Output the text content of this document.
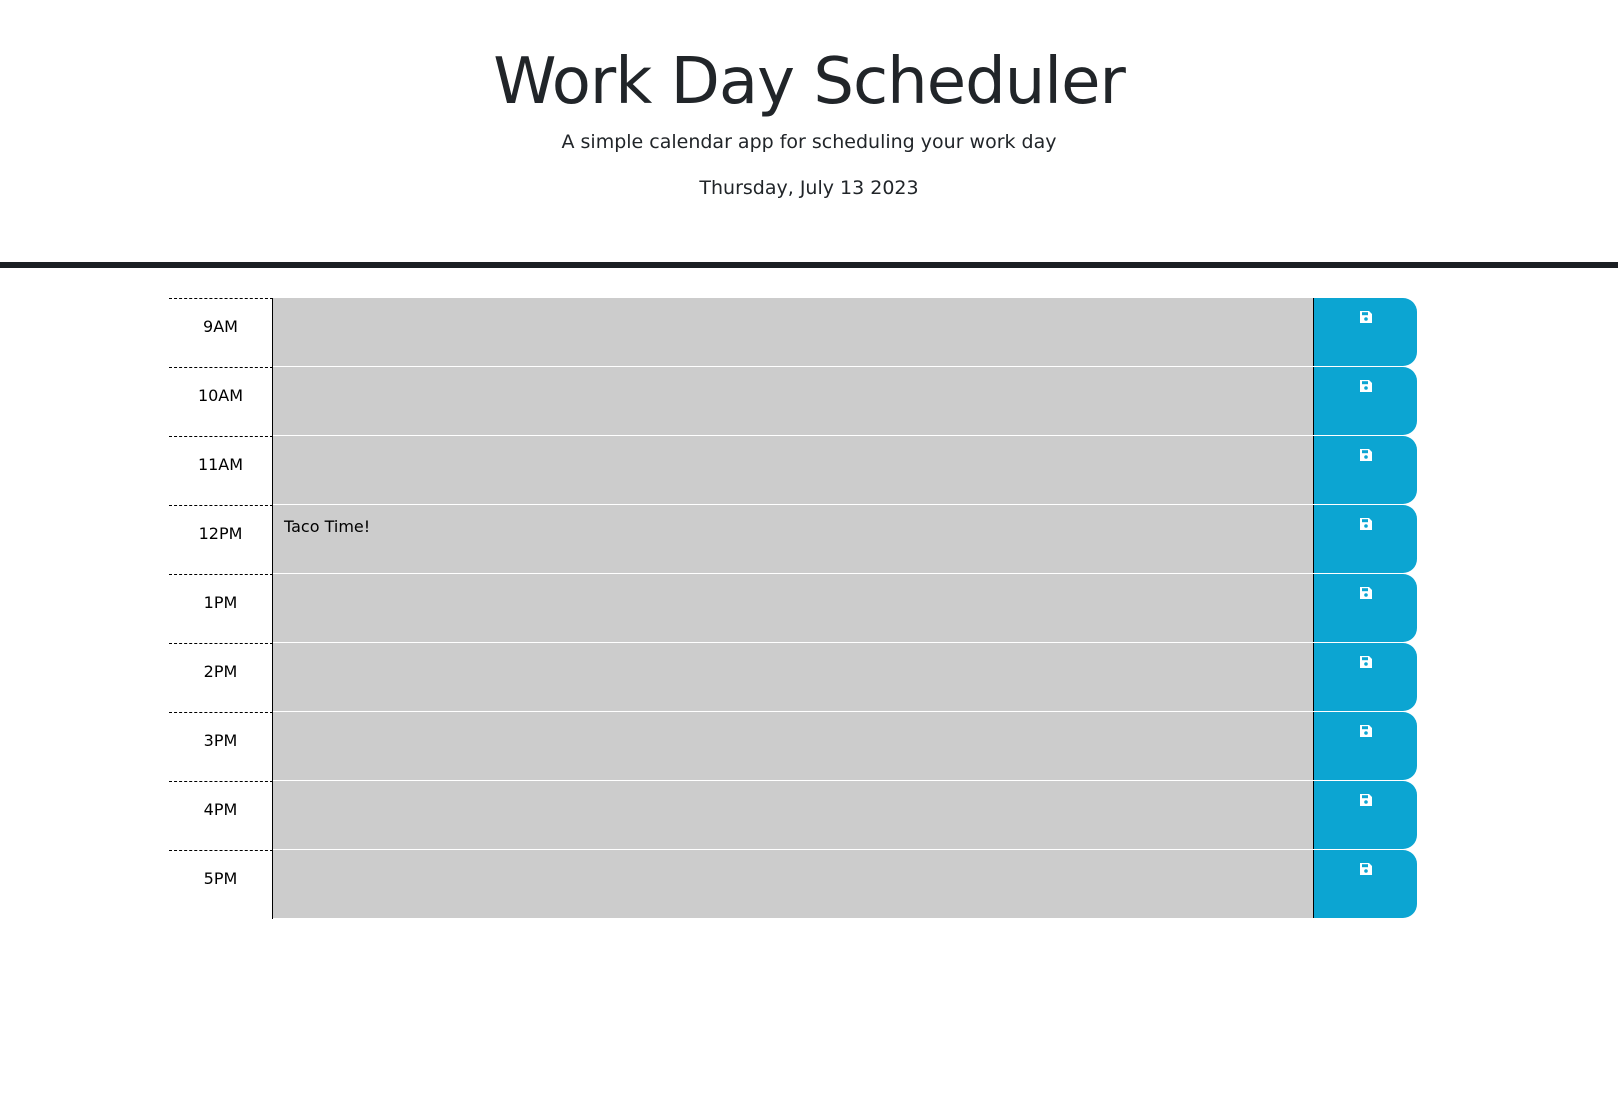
Work Day Scheduler

A simple calendar app for scheduling your work day

Thursday, July 13 2023

9AM
10AM
11AM
12PM
Taco Time!
1PM
2PM
3PM
4PM
5PM
